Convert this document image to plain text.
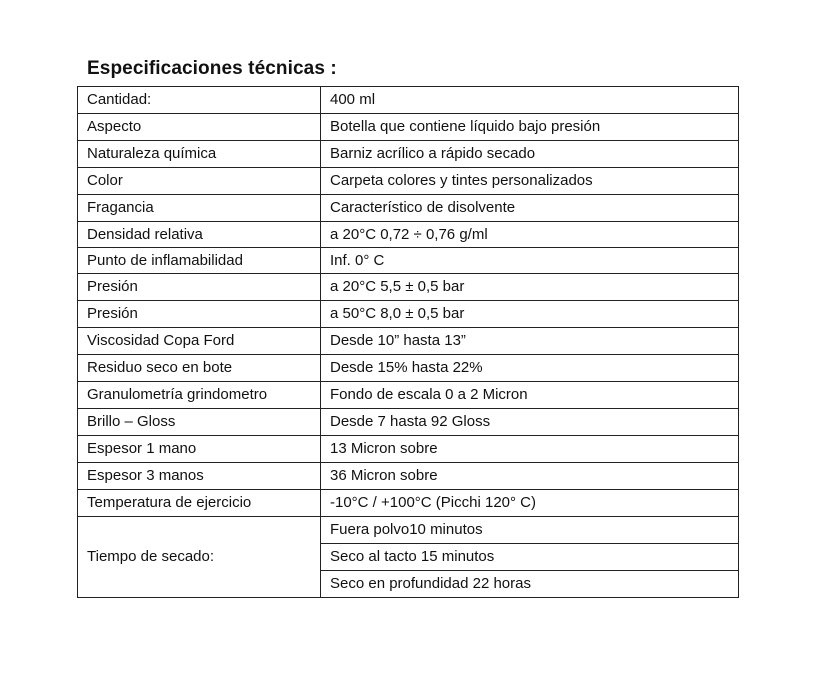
Especificaciones técnicas :
Cantidad:	400 ml
Aspecto	Botella que contiene líquido bajo presión
Naturaleza química	Barniz acrílico a rápido secado
Color	Carpeta colores y tintes personalizados
Fragancia	Característico de disolvente
Densidad relativa	a 20°C 0,72 ÷ 0,76 g/ml
Punto de inflamabilidad	Inf. 0° C
Presión	a 20°C 5,5 ± 0,5 bar
Presión	a 50°C 8,0 ± 0,5 bar
Viscosidad Copa Ford	Desde 10” hasta 13”
Residuo seco en bote	Desde 15% hasta 22%
Granulometría grindometro	Fondo de escala 0 a 2 Micron
Brillo – Gloss	Desde 7 hasta 92 Gloss
Espesor 1 mano	13 Micron sobre
Espesor 3 manos	36 Micron sobre
Temperatura de ejercicio	-10°C / +100°C (Picchi 120° C)
Tiempo de secado:	Fuera polvo10 minutos
	Seco al tacto 15 minutos
	Seco en profundidad 22 horas
